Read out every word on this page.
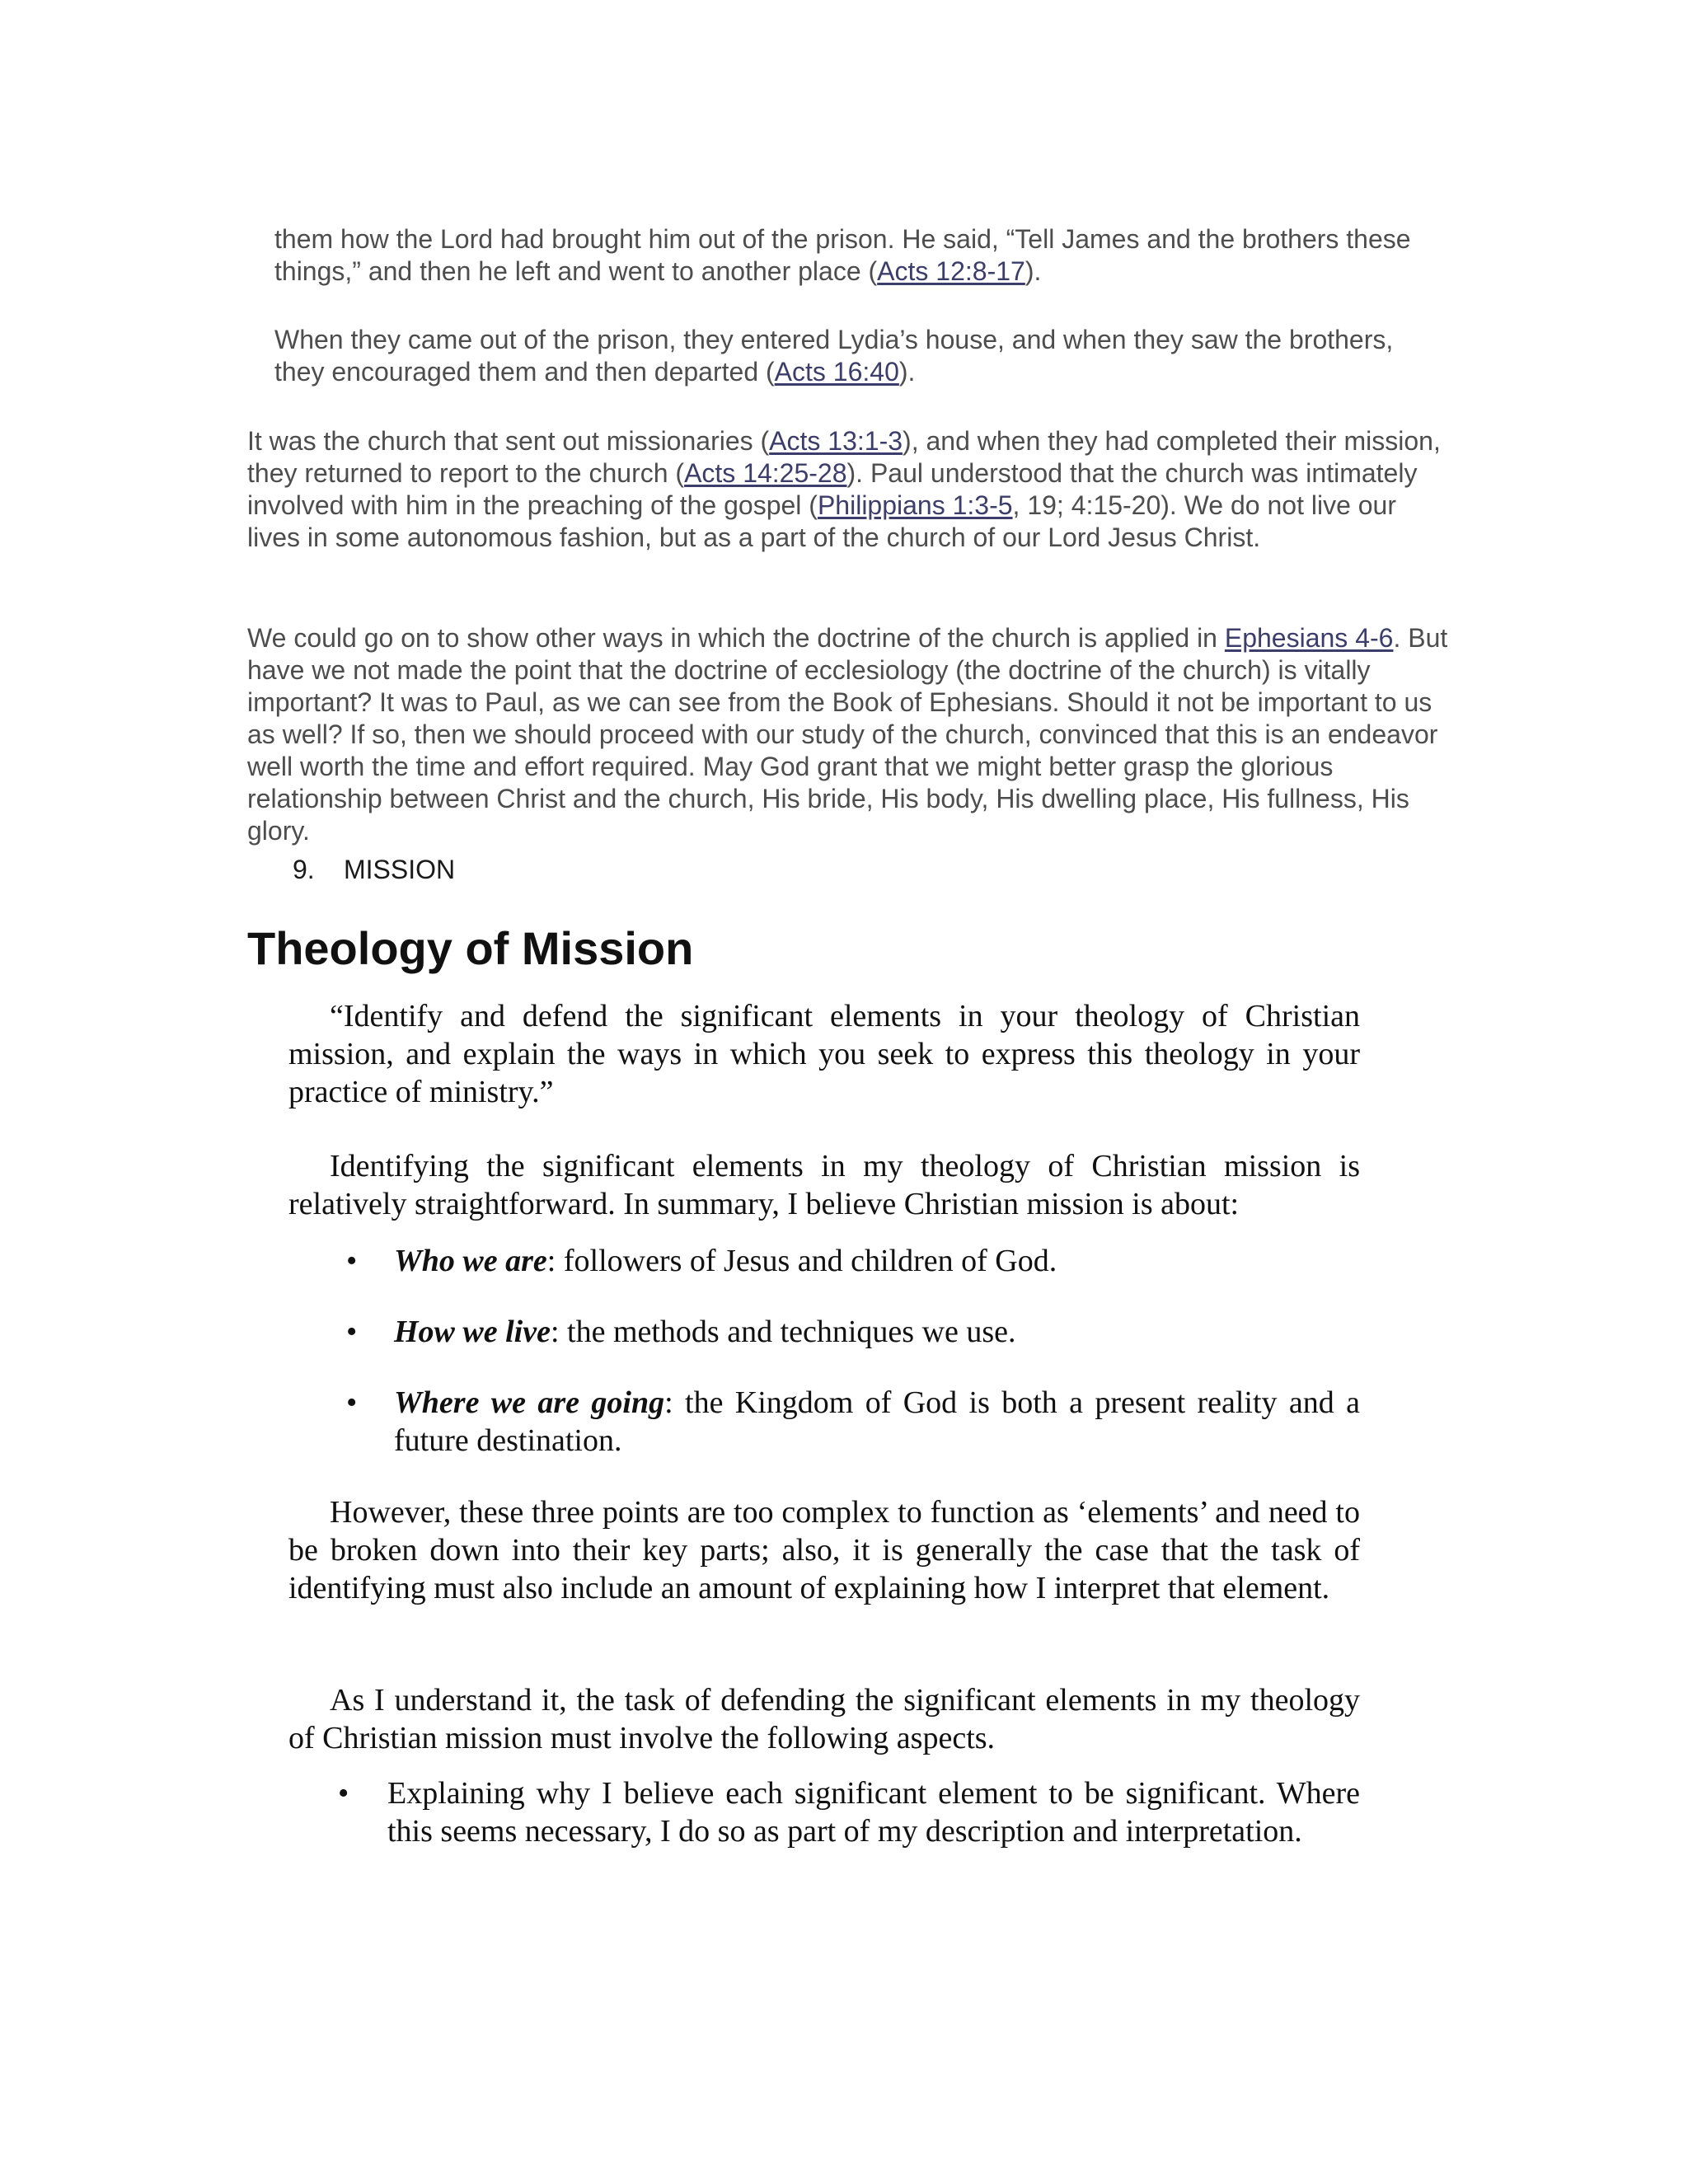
them how the Lord had brought him out of the prison. He said, “Tell James and the brothers these things,” and then he left and went to another place (Acts 12:8-17).

When they came out of the prison, they entered Lydia’s house, and when they saw the brothers, they encouraged them and then departed (Acts 16:40).

It was the church that sent out missionaries (Acts 13:1-3), and when they had completed their mission, they returned to report to the church (Acts 14:25-28). Paul understood that the church was intimately involved with him in the preaching of the gospel (Philippians 1:3-5, 19; 4:15-20). We do not live our lives in some autonomous fashion, but as a part of the church of our Lord Jesus Christ.

We could go on to show other ways in which the doctrine of the church is applied in Ephesians 4-6. But have we not made the point that the doctrine of ecclesiology (the doctrine of the church) is vitally important? It was to Paul, as we can see from the Book of Ephesians. Should it not be important to us as well? If so, then we should proceed with our study of the church, convinced that this is an endeavor well worth the time and effort required. May God grant that we might better grasp the glorious relationship between Christ and the church, His bride, His body, His dwelling place, His fullness, His glory.

9. MISSION
Theology of Mission

“Identify and defend the significant elements in your theology of Christian mission, and explain the ways in which you seek to express this theology in your practice of ministry.”

Identifying the significant elements in my theology of Christian mission is relatively straightforward. In summary, I believe Christian mission is about:

•	Who we are: followers of Jesus and children of God.
•	How we live: the methods and techniques we use.
•	Where we are going: the Kingdom of God is both a present reality and a future destination.

However, these three points are too complex to function as ‘elements’ and need to be broken down into their key parts; also, it is generally the case that the task of identifying must also include an amount of explaining how I interpret that element.

As I understand it, the task of defending the significant elements in my theology of Christian mission must involve the following aspects.

•	Explaining why I believe each significant element to be significant. Where this seems necessary, I do so as part of my description and interpretation.
